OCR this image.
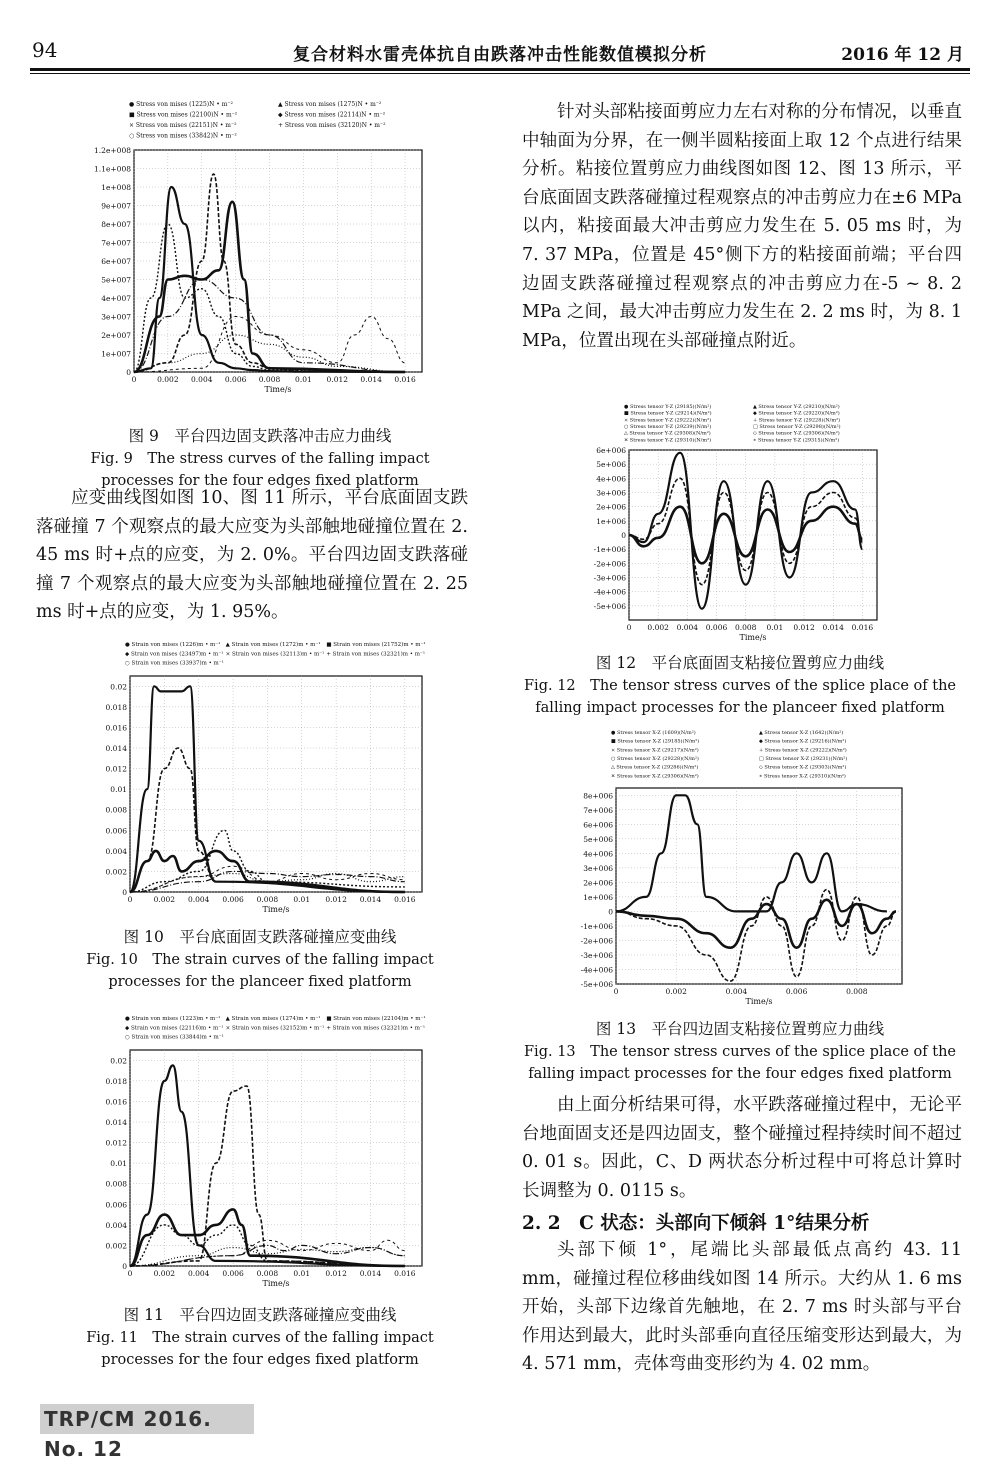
94	复合材料水雷壳体抗自由跌落冲击性能数值模拟分析	2016 年 12 月
● Stress von mises (1225)N • m⁻²	▲ Stress von mises (1275)N • m⁻²
■ Stress von mises (22100)N • m⁻²	◆ Stress von mises (22114)N • m⁻²
× Stress von mises (22151)N • m⁻²	+ Stress von mises (32120)N • m⁻²
○ Stress von mises (33842)N • m⁻²
0
1e+007
2e+007
3e+007
4e+007
5e+007
6e+007
7e+007
8e+007
9e+007
1e+008
1.1e+008
1.2e+008
0	0.002 0.004 0.006 0.008 0.01 0.012 0.014 0.016
Time/s
图 9　平台四边固支跌落冲击应力曲线
Fig. 9　The stress curves of the falling impact
processes for the four edges fixed platform

应变曲线图如图 10、图 11 所示，平台底面固支跌落碰撞 7 个观察点的最大应变为头部触地碰撞位置在 2. 45 ms 时+点的应变，为 2. 0%。平台四边固支跌落碰撞 7 个观察点的最大应变为头部触地碰撞位置在 2. 25 ms 时+点的应变，为 1. 95%。

● Strain von mises (1226)m • m⁻¹ ▲ Strain von mises (1272)m • m⁻¹ ■ Strain von mises (21752)m • m⁻¹
◆ Strain von mises (23497)m • m⁻¹ × Strain von mises (32113)m • m⁻¹ + Strain von mises (32321)m • m⁻¹
○ Strain von mises (33937)m • m⁻¹
0
0.002
0.004
0.006
0.008
0.01
0.012
0.014
0.016
0.018
0.02
0	0.002 0.004 0.006 0.008 0.01 0.012 0.014 0.016
Time/s
图 10　平台底面固支跌落碰撞应变曲线
Fig. 10　The strain curves of the falling impact
processes for the planceer fixed platform
● Strain von mises (1223)m • m⁻¹ ▲ Strain von mises (1274)m • m⁻¹ ■ Strain von mises (22104)m • m⁻¹
◆ Strain von mises (22116)m • m⁻¹ × Strain von mises (32152)m • m⁻¹ + Strain von mises (32321)m • m⁻¹
○ Strain von mises (33844)m • m⁻¹
0
0.002
0.004
0.006
0.008
0.01
0.012
0.014
0.016
0.018
0.02
0	0.002 0.004 0.006 0.008 0.01 0.012 0.014 0.016
Time/s
图 11　平台四边固支跌落碰撞应变曲线
Fig. 11　The strain curves of the falling impact
processes for the four edges fixed platform

针对头部粘接面剪应力左右对称的分布情况，以垂直中轴面为分界，在一侧半圆粘接面上取 12 个点进行结果分析。粘接位置剪应力曲线图如图 12、图 13 所示，平台底面固支跌落碰撞过程观察点的冲击剪应力在±6 MPa 以内，粘接面最大冲击剪应力发生在 5. 05 ms 时，为 7. 37 MPa，位置是 45°侧下方的粘接面前端；平台四边固支跌落碰撞过程观察点的冲击剪应力在-5 ~ 8. 2 MPa 之间，最大冲击剪应力发生在 2. 2 ms 时，为 8. 1 MPa，位置出现在头部碰撞点附近。

● Stress tensor Y-Z (29185)(N/m²)	▲ Stress tensor Y-Z (29210)(N/m²)
■ Stress tensor Y-Z (29214)(N/m²)	◆ Stress tensor Y-Z (29220)(N/m²)
× Stress tensor Y-Z (29222)(N/m²)	+ Stress tensor Y-Z (29228)(N/m²)
○ Stress tensor Y-Z (29239)(N/m²)	□ Stress tensor Y-Z (29298)(N/m²)
△ Stress tensor Y-Z (29308)(N/m²)	◇ Stress tensor Y-Z (29306)(N/m²)
✕ Stress tensor Y-Z (29310)(N/m²)	∗ Stress tensor Y-Z (29315)(N/m²)
-5e+006
-4e+006
-3e+006
-2e+006
-1e+006
0
1e+006
2e+006
3e+006
4e+006
5e+006
6e+006
0 0.002 0.004 0.006 0.008 0.01 0.012 0.014 0.016
Time/s
图 12　平台底面固支粘接位置剪应力曲线
Fig. 12　The tensor stress curves of the splice place of the
falling impact processes for the planceer fixed platform
● Stress tensor X-Z (1609)(N/m²)	▲ Stress tensor X-Z (1642)(N/m²)
■ Stress tensor X-Z (29185)(N/m²)	◆ Stress tensor X-Z (29216)(N/m²)
× Stress tensor X-Z (29217)(N/m²)	+ Stress tensor X-Z (29222)(N/m²)
○ Stress tensor X-Z (29228)(N/m²)	□ Stress tensor X-Z (29231)(N/m²)
△ Stress tensor X-Z (29286)(N/m²)	◇ Stress tensor X-Z (29303)(N/m²)
✕ Stress tensor X-Z (29306)(N/m²)	∗ Stress tensor X-Z (29310)(N/m²)
-5e+006
-4e+006
-3e+006
-2e+006
-1e+006
0
1e+006
2e+006
3e+006
4e+006
5e+006
6e+006
7e+006
8e+006
0	0.002	0.004	0.006	0.008
Time/s
图 13　平台四边固支粘接位置剪应力曲线
Fig. 13　The tensor stress curves of the splice place of the
falling impact processes for the four edges fixed platform

由上面分析结果可得，水平跌落碰撞过程中，无论平台地面固支还是四边固支，整个碰撞过程持续时间不超过 0. 01 s。因此，C、D 两状态分析过程中可将总计算时长调整为 0. 0115 s。

2. 2　C 状态：头部向下倾斜 1°结果分析

头部下倾 1°，尾端比头部最低点高约 43. 11 mm，碰撞过程位移曲线如图 14 所示。大约从 1. 6 ms 开始，头部下边缘首先触地，在 2. 7 ms 时头部与平台作用达到最大，此时头部垂向直径压缩变形达到最大，为 4. 571 mm，壳体弯曲变形约为 4. 02 mm。

TRP/CM 2016. No. 12
